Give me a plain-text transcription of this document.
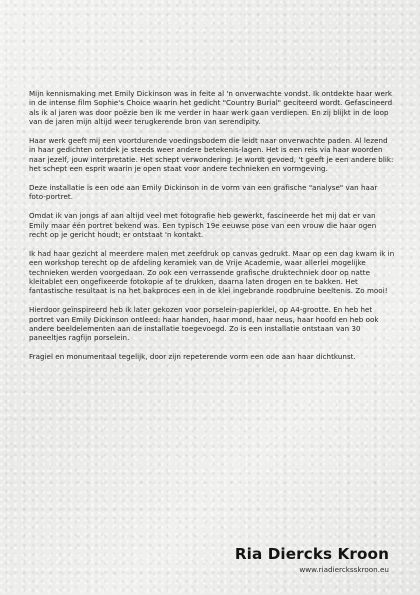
Mijn kennismaking met Emily Dickinson was in feite al 'n onverwachte vondst. Ik ontdekte haar werk in de intense film Sophie's Choice waarin het gedicht "Country Burial" geciteerd wordt. Gefascineerd als ik al jaren was door poëzie ben ik me verder in haar werk gaan verdiepen. En zij blijkt in de loop van de jaren mijn altijd weer terugkerende bron van serendipity.

Haar werk geeft mij een voortdurende voedingsbodem die leidt naar onverwachte paden. Al lezend in haar gedichten ontdek je steeds weer andere betekenis-lagen. Het is een reis via haar woorden naar jezelf, jouw interpretatie. Het schept verwondering. Je wordt gevoed, 't geeft je een andere blik: het schept een esprit waarin je open staat voor andere technieken en vormgeving.

Deze installatie is een ode aan Emily Dickinson in de vorm van een grafische "analyse" van haar foto-portret.

Omdat ik van jongs af aan altijd veel met fotografie heb gewerkt, fascineerde het mij dat er van Emily maar één portret bekend was. Een typisch 19e eeuwse pose van een vrouw die haar ogen recht op je gericht houdt; er ontstaat 'n kontakt.

Ik had haar gezicht al meerdere malen met zeefdruk op canvas gedrukt. Maar op een dag kwam ik in een workshop terecht op de afdeling keramiek van de Vrije Academie, waar allerlei mogelijke technieken werden voorgedaan. Zo ook een verrassende grafische druktechniek door op natte kleitablet een ongefixeerde fotokopie af te drukken, daarna laten drogen en te bakken. Het fantastische resultaat is na het bakproces een in de klei ingebrande roodbruine beeltenis. Zo mooi!

Hierdoor geïnspireerd heb ik later gekozen voor porselein-papierklei, op A4-grootte. En heb het portret van Emily Dickinson ontleed: haar handen, haar mond, haar neus, haar hoofd en heb ook andere beeldelementen aan de installatie toegevoegd. Zo is een installatie ontstaan van 30 paneeltjes ragfijn porselein.

Fragiel en monumentaal tegelijk, door zijn repeterende vorm een ode aan haar dichtkunst.

Ria Diercks Kroon
www.riadiercksskroon.eu
